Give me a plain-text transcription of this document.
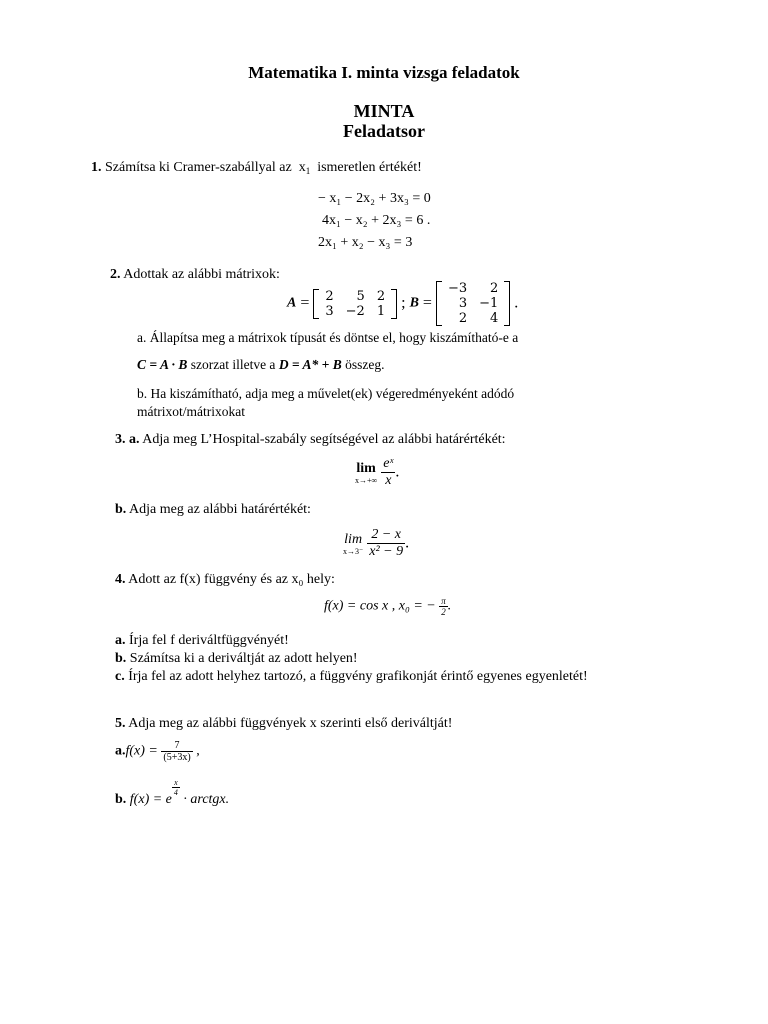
Matematika I. minta vizsga feladatok
MINTA
Feladatsor
1. Számítsa ki Cramer-szabállyal az $x_1$ ismeretlen értékét!
− x₁ − 2x₂ + 3x₃ = 0
4x₁ − x₂ + 2x₃ = 6 .
2x₁ + x₂ − x₃ = 3
2. Adottak az alábbi mátrixok:
A = 2	5	2
3	−2	1 ; B =
−3	2
3	−1
2	4
.
a. Állapítsa meg a mátrixok típusát és döntse el, hogy kiszámítható-e a
C = A · B szorzat illetve a D = A* + B összeg.
b. Ha kiszámítható, adja meg a művelet(ek) végeredményeként adódó
mátrixot/mátrixokat
3. a. Adja meg L’Hospital-szabály segítségével az alábbi határértékét:
lim
x→+∞
$\frac{\text{eˣ}}{x}$ .
b. Adja meg az alábbi határértékét:
lim
x→3⁻
$\frac{2 - x}{\text{x² − 9}}$ .
4. Adott az f(x) függvény és az x₀ hely:
f(x) = cos x , x₀ = − $\frac{\pi}{2}$ .
a. Írja fel f deriváltfüggvényét!
b. Számítsa ki a deriváltját az adott helyen!
c. Írja fel az adott helyhez tartozó, a függvény grafikonját érintő egyenes egyenletét!
5. Adja meg az alábbi függvények x szerinti első deriváltját!
$a.f(x) = \frac{7}{(5+3x)}$ ,
b. f(x) = e
$\frac{x}{4}$
· arctgx.
